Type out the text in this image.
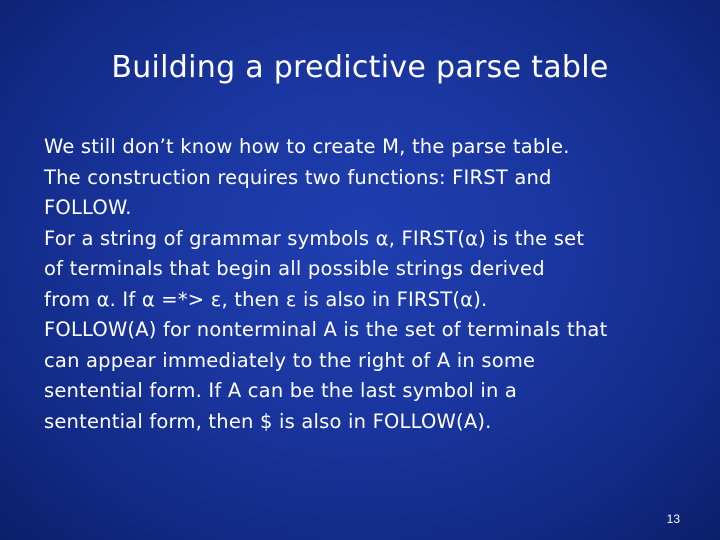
Building a predictive parse table

We still don’t know how to create M, the parse table.

The construction requires two functions: FIRST and
FOLLOW.

For a string of grammar symbols α, FIRST(α) is the set
of terminals that begin all possible strings derived
from α. If α =*> ε, then ε is also in FIRST(α).

FOLLOW(A) for nonterminal A is the set of terminals that
can appear immediately to the right of A in some
sentential form. If A can be the last symbol in a
sentential form, then $ is also in FOLLOW(A).

13
